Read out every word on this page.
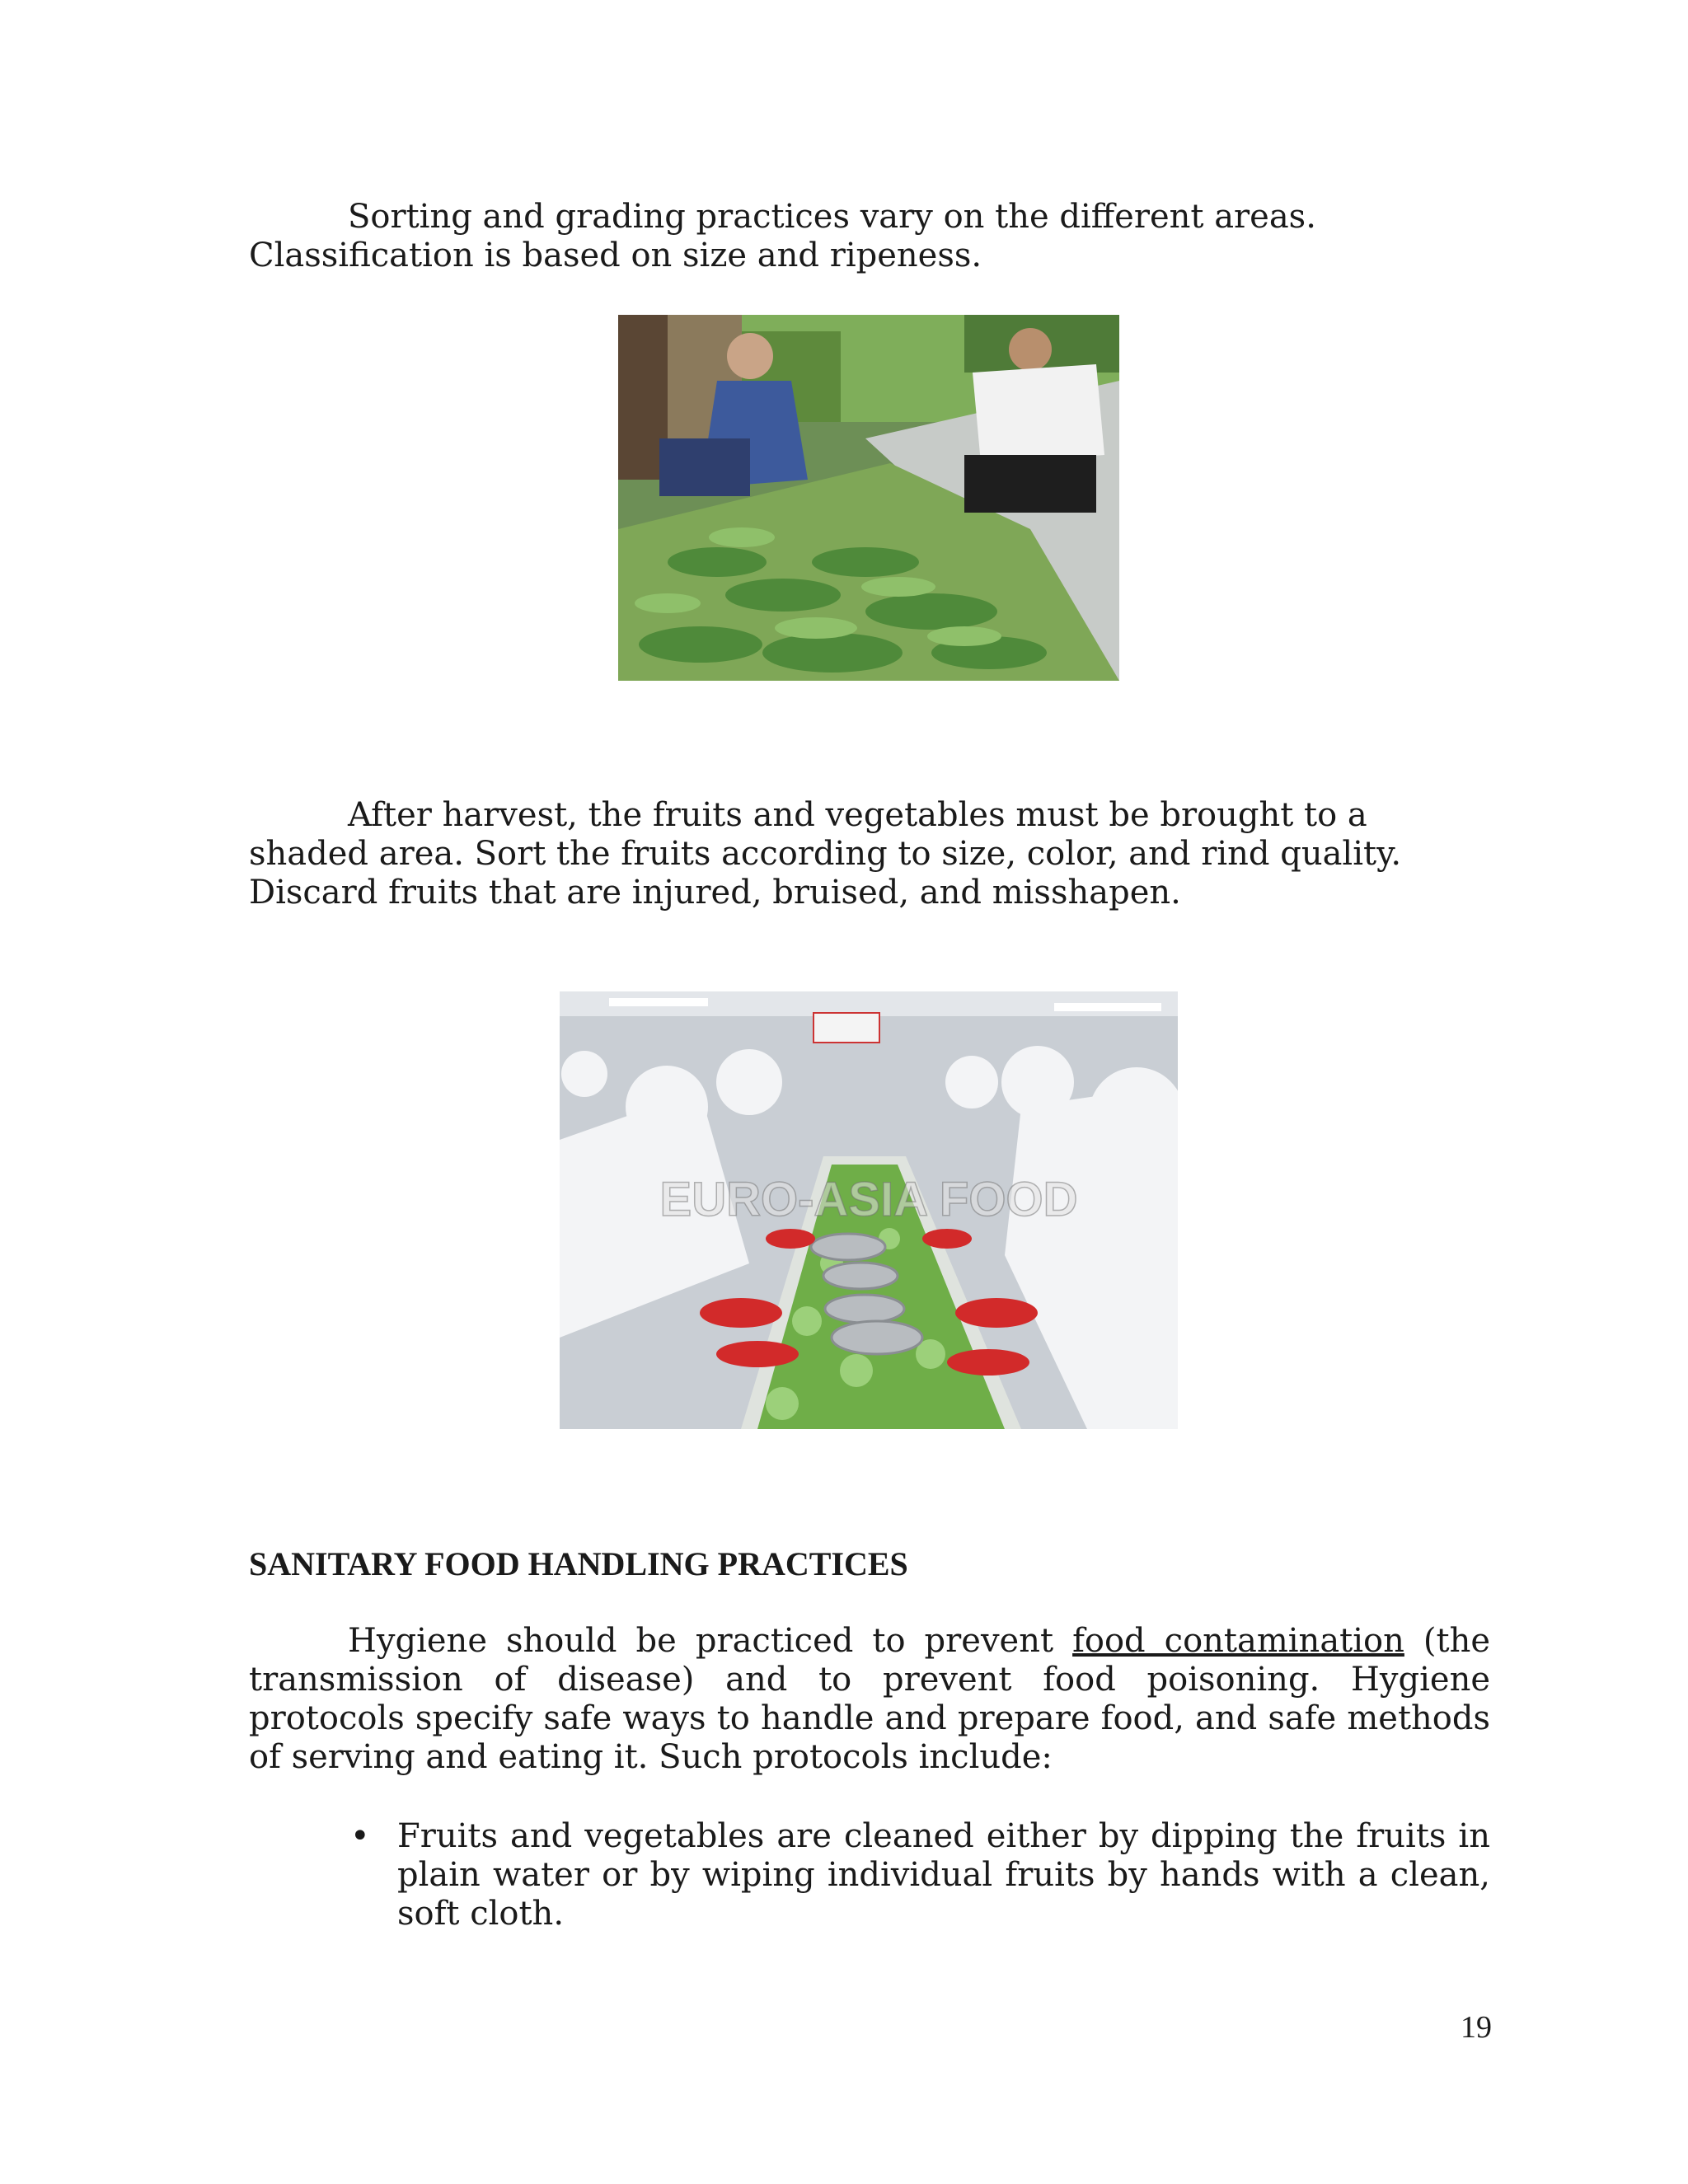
Sorting and grading practices vary on the different areas. Classification is based on size and ripeness.

After harvest, the fruits and vegetables must be brought to a shaded area. Sort the fruits according to size, color, and rind quality. Discard fruits that are injured, bruised, and misshapen.

EURO-ASIA FOOD
SANITARY FOOD HANDLING PRACTICES

Hygiene should be practiced to prevent food contamination (the transmission of disease) and to prevent food poisoning. Hygiene protocols specify safe ways to handle and prepare food, and safe methods of serving and eating it. Such protocols include:

• Fruits and vegetables are cleaned either by dipping the fruits in plain water or by wiping individual fruits by hands with a clean, soft cloth.
19
